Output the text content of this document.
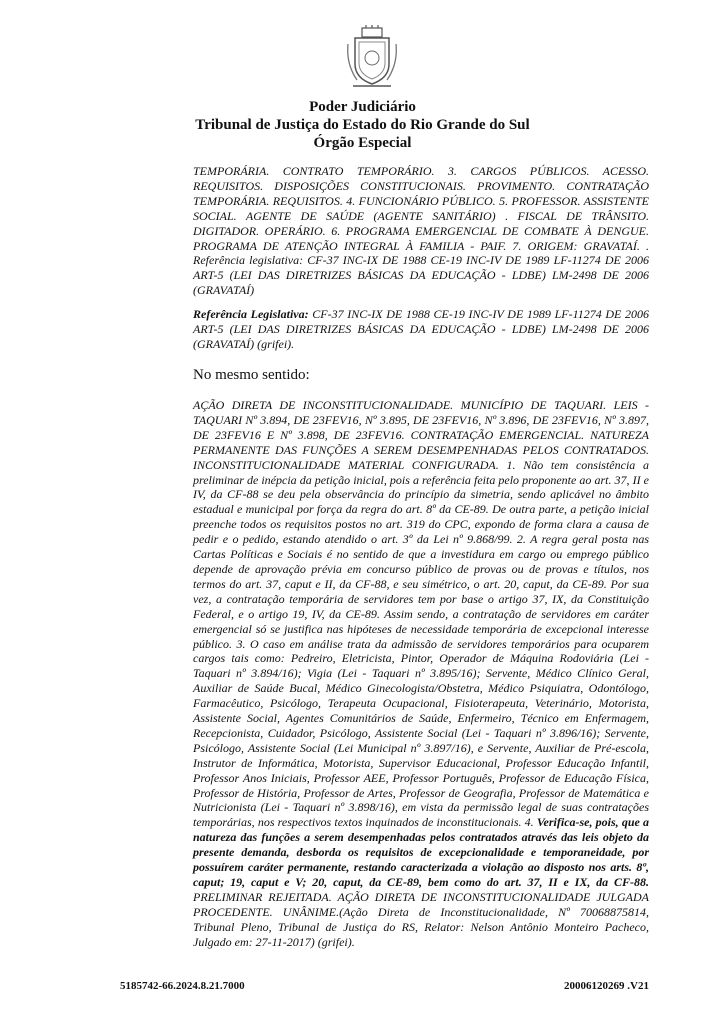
Poder Judiciário
Tribunal de Justiça do Estado do Rio Grande do Sul
Órgão Especial
TEMPORÁRIA. CONTRATO TEMPORÁRIO. 3. CARGOS PÚBLICOS. ACESSO. REQUISITOS. DISPOSIÇÕES CONSTITUCIONAIS. PROVIMENTO. CONTRATAÇÃO TEMPORÁRIA. REQUISITOS. 4. FUNCIONÁRIO PÚBLICO. 5. PROFESSOR. ASSISTENTE SOCIAL. AGENTE DE SAÚDE (AGENTE SANITÁRIO) . FISCAL DE TRÂNSITO. DIGITADOR. OPERÁRIO. 6. PROGRAMA EMERGENCIAL DE COMBATE À DENGUE. PROGRAMA DE ATENÇÃO INTEGRAL À FAMILIA - PAIF. 7. ORIGEM: GRAVATAÍ. . Referência legislativa: CF-37 INC-IX DE 1988 CE-19 INC-IV DE 1989 LF-11274 DE 2006 ART-5 (LEI DAS DIRETRIZES BÁSICAS DA EDUCAÇÃO - LDBE) LM-2498 DE 2006 (GRAVATAÍ)
Referência Legislativa: CF-37 INC-IX DE 1988 CE-19 INC-IV DE 1989 LF-11274 DE 2006 ART-5 (LEI DAS DIRETRIZES BÁSICAS DA EDUCAÇÃO - LDBE) LM-2498 DE 2006 (GRAVATAÍ) (grifei).
No mesmo sentido:
AÇÃO DIRETA DE INCONSTITUCIONALIDADE. MUNICÍPIO DE TAQUARI. LEIS - TAQUARI Nº 3.894, DE 23FEV16, Nº 3.895, DE 23FEV16, Nº 3.896, DE 23FEV16, Nº 3.897, DE 23FEV16 E Nº 3.898, DE 23FEV16. CONTRATAÇÃO EMERGENCIAL. NATUREZA PERMANENTE DAS FUNÇÕES A SEREM DESEMPENHADAS PELOS CONTRATADOS. INCONSTITUCIONALIDADE MATERIAL CONFIGURADA. 1. Não tem consistência a preliminar de inépcia da petição inicial, pois a referência feita pelo proponente ao art. 37, II e IV, da CF-88 se deu pela observância do princípio da simetria, sendo aplicável no âmbito estadual e municipal por força da regra do art. 8º da CE-89. De outra parte, a petição inicial preenche todos os requisitos postos no art. 319 do CPC, expondo de forma clara a causa de pedir e o pedido, estando atendido o art. 3º da Lei nº 9.868/99. 2. A regra geral posta nas Cartas Políticas e Sociais é no sentido de que a investidura em cargo ou emprego público depende de aprovação prévia em concurso público de provas ou de provas e títulos, nos termos do art. 37, caput e II, da CF-88, e seu simétrico, o art. 20, caput, da CE-89. Por sua vez, a contratação temporária de servidores tem por base o artigo 37, IX, da Constituição Federal, e o artigo 19, IV, da CE-89. Assim sendo, a contratação de servidores em caráter emergencial só se justifica nas hipóteses de necessidade temporária de excepcional interesse público. 3. O caso em análise trata da admissão de servidores temporários para ocuparem cargos tais como: Pedreiro, Eletricista, Pintor, Operador de Máquina Rodoviária (Lei - Taquari nº 3.894/16); Vigia (Lei - Taquari nº 3.895/16); Servente, Médico Clínico Geral, Auxiliar de Saúde Bucal, Médico Ginecologista/Obstetra, Médico Psiquiatra, Odontólogo, Farmacêutico, Psicólogo, Terapeuta Ocupacional, Fisioterapeuta, Veterinário, Motorista, Assistente Social, Agentes Comunitários de Saúde, Enfermeiro, Técnico em Enfermagem, Recepcionista, Cuidador, Psicólogo, Assistente Social (Lei - Taquari nº 3.896/16); Servente, Psicólogo, Assistente Social (Lei Municipal nº 3.897/16), e Servente, Auxiliar de Pré-escola, Instrutor de Informática, Motorista, Supervisor Educacional, Professor Educação Infantil, Professor Anos Iniciais, Professor AEE, Professor Português, Professor de Educação Física, Professor de História, Professor de Artes, Professor de Geografia, Professor de Matemática e Nutricionista (Lei - Taquari nº 3.898/16), em vista da permissão legal de suas contratações temporárias, nos respectivos textos inquinados de inconstitucionais. 4. Verifica-se, pois, que a natureza das funções a serem desempenhadas pelos contratados através das leis objeto da presente demanda, desborda os requisitos de excepcionalidade e temporaneidade, por possuírem caráter permanente, restando caracterizada a violação ao disposto nos arts. 8º, caput; 19, caput e V; 20, caput, da CE-89, bem como do art. 37, II e IX, da CF-88. PRELIMINAR REJEITADA. AÇÃO DIRETA DE INCONSTITUCIONALIDADE JULGADA PROCEDENTE. UNÂNIME.(Ação Direta de Inconstitucionalidade, Nº 70068875814, Tribunal Pleno, Tribunal de Justiça do RS, Relator: Nelson Antônio Monteiro Pacheco, Julgado em: 27-11-2017) (grifei).
5185742-66.2024.8.21.7000	20006120269 .V21
